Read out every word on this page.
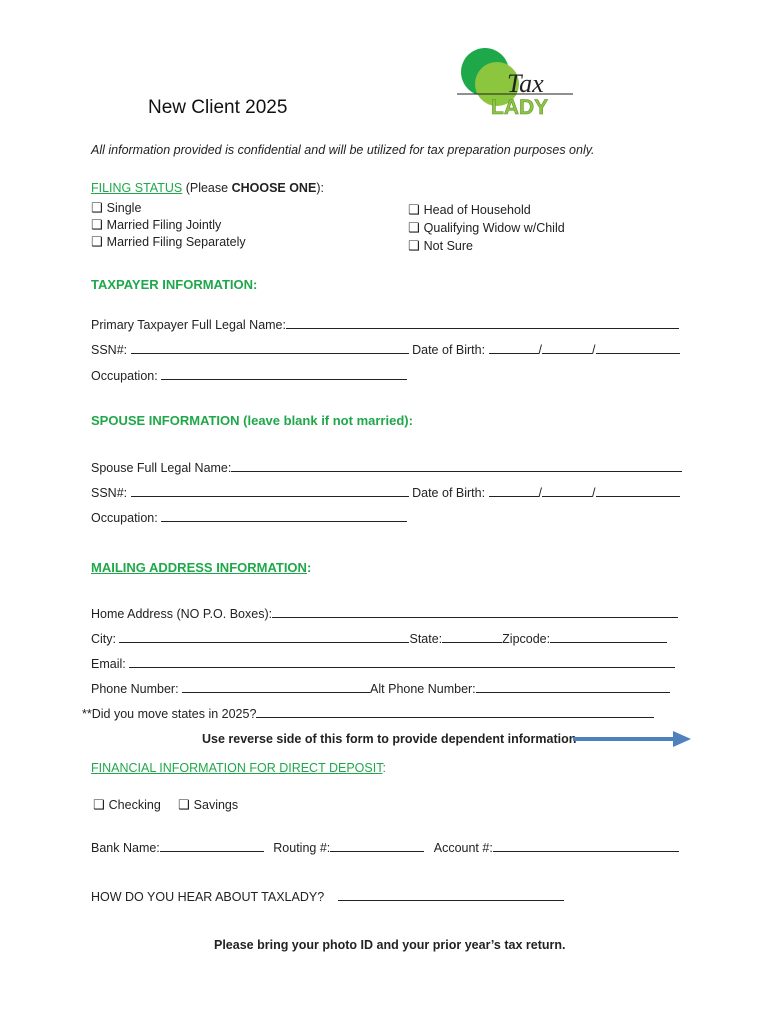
New Client 2025
Tax
LADY
All information provided is confidential and will be utilized for tax preparation purposes only.
FILING STATUS (Please CHOOSE ONE):
❑ Single
❑ Married Filing Jointly
❑ Married Filing Separately
❑ Head of Household
❑ Qualifying Widow w/Child
❑ Not Sure
TAXPAYER INFORMATION:
Primary Taxpayer Full Legal Name:
SSN#:	Date of Birth:	/	/
Occupation:
SPOUSE INFORMATION (leave blank if not married):
Spouse Full Legal Name:
SSN#:	Date of Birth:	/	/
Occupation:
MAILING ADDRESS INFORMATION:
Home Address (NO P.O. Boxes):
City:	State:	Zipcode:
Email:
Phone Number:	Alt Phone Number:
**Did you move states in 2025?
Use reverse side of this form to provide dependent information
FINANCIAL INFORMATION FOR DIRECT DEPOSIT:
❑ Checking ❑ Savings
Bank Name:	Routing #:	Account #:
HOW DO YOU HEAR ABOUT TAXLADY?
Please bring your photo ID and your prior year’s tax return.
